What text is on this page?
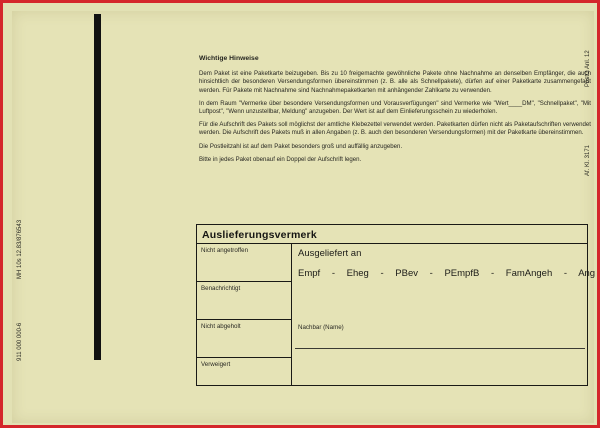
911 000 000-6
MH 10s 12.83/876543
Af. Kl. 3171
PostO Anl. 12
Wichtige Hinweise

Dem Paket ist eine Paketkarte beizugeben. Bis zu 10 freigemachte gewöhnliche Pakete ohne Nachnahme an denselben Empfänger, die auch hinsichtlich der besonderen Versendungsformen übereinstimmen (z. B. alle als Schnellpakete), dürfen auf einer Paketkarte zusammengefaßt werden. Für Pakete mit Nachnahme sind Nachnahmepaketkarten mit anhängender Zahlkarte zu verwenden.

In dem Raum "Vermerke über besondere Versendungsformen und Vorausverfügungen" sind Vermerke wie "Wert____DM", "Schnellpaket", "Mit Luftpost", "Wenn unzustellbar, Meldung" anzugeben. Der Wert ist auf dem Einlieferungsschein zu wiederholen.

Für die Aufschrift des Pakets soll möglichst der amtliche Klebezettel verwendet werden. Paketkarten dürfen nicht als Paketaufschriften verwendet werden. Die Aufschrift des Pakets muß in allen Angaben (z. B. auch den besonderen Versendungsformen) mit der Paketkarte übereinstimmen.

Die Postleitzahl ist auf dem Paket besonders groß und auffällig anzugeben.

Bitte in jedes Paket obenauf ein Doppel der Aufschrift legen.

Auslieferungsvermerk
Nicht angetroffen
Benachrichtigt
Nicht abgeholt
Verweigert
Ausgeliefert an
Empf - Eheg - PBev - PEmpfB - FamAngeh - Ang
Nachbar (Name)
